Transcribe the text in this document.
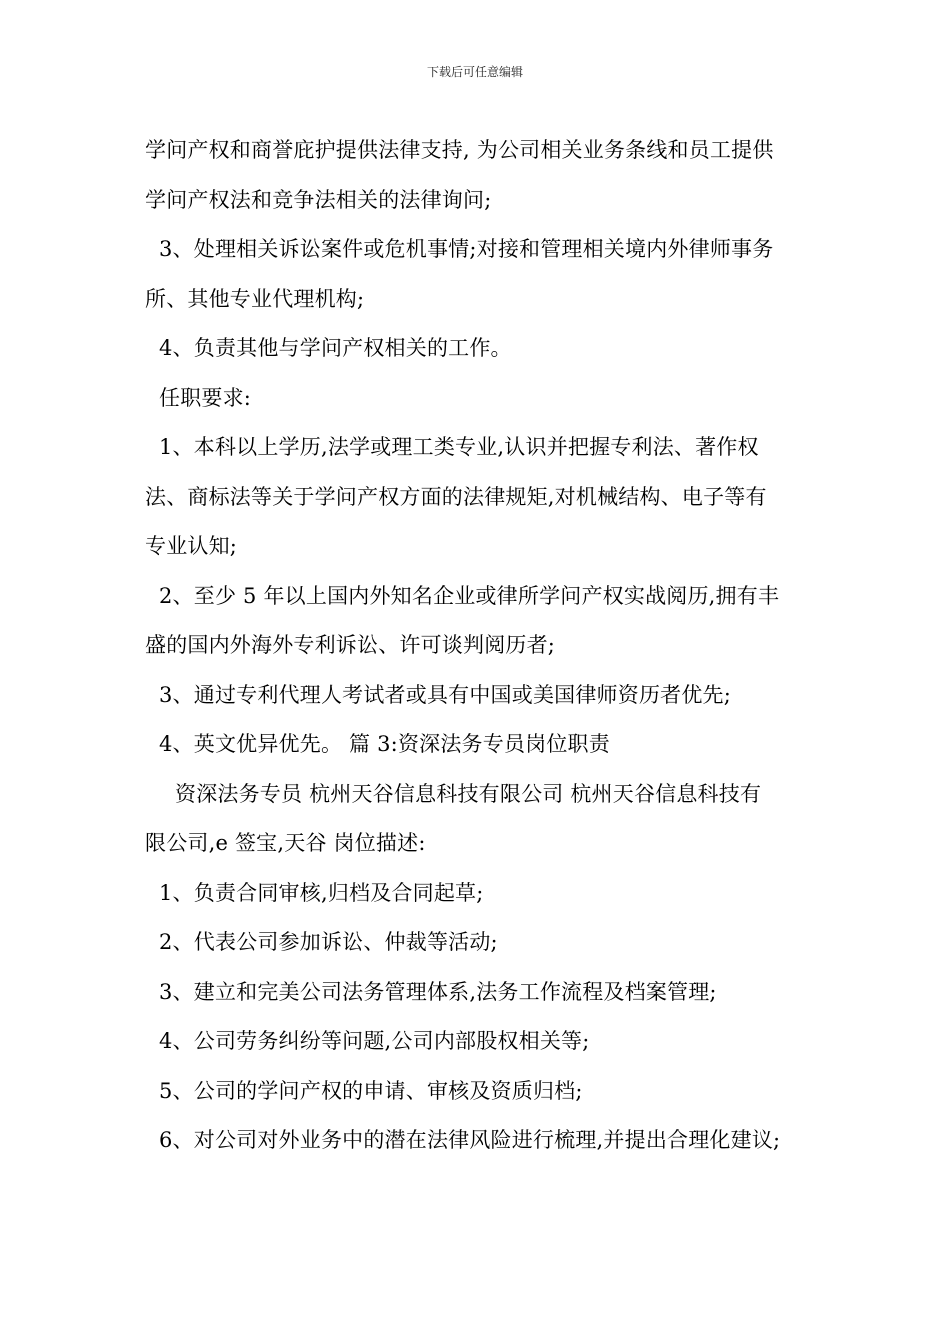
下载后可任意编辑
学问产权和商誉庇护提供法律支持, 为公司相关业务条线和员工提供
学问产权法和竞争法相关的法律询问;
3、处理相关诉讼案件或危机事情;对接和管理相关境内外律师事务
所、其他专业代理机构;
4、负责其他与学问产权相关的工作。
任职要求:
1、本科以上学历,法学或理工类专业,认识并把握专利法、著作权
法、商标法等关于学问产权方面的法律规矩,对机械结构、电子等有
专业认知;
2、至少 5 年以上国内外知名企业或律所学问产权实战阅历,拥有丰
盛的国内外海外专利诉讼、许可谈判阅历者;
3、通过专利代理人考试者或具有中国或美国律师资历者优先;
4、英文优异优先。 篇 3:资深法务专员岗位职责
资深法务专员 杭州天谷信息科技有限公司 杭州天谷信息科技有
限公司,e 签宝,天谷 岗位描述:
1、负责合同审核,归档及合同起草;
2、代表公司参加诉讼、仲裁等活动;
3、建立和完美公司法务管理体系,法务工作流程及档案管理;
4、公司劳务纠纷等问题,公司内部股权相关等;
5、公司的学问产权的申请、审核及资质归档;
6、对公司对外业务中的潜在法律风险进行梳理,并提出合理化建议;
